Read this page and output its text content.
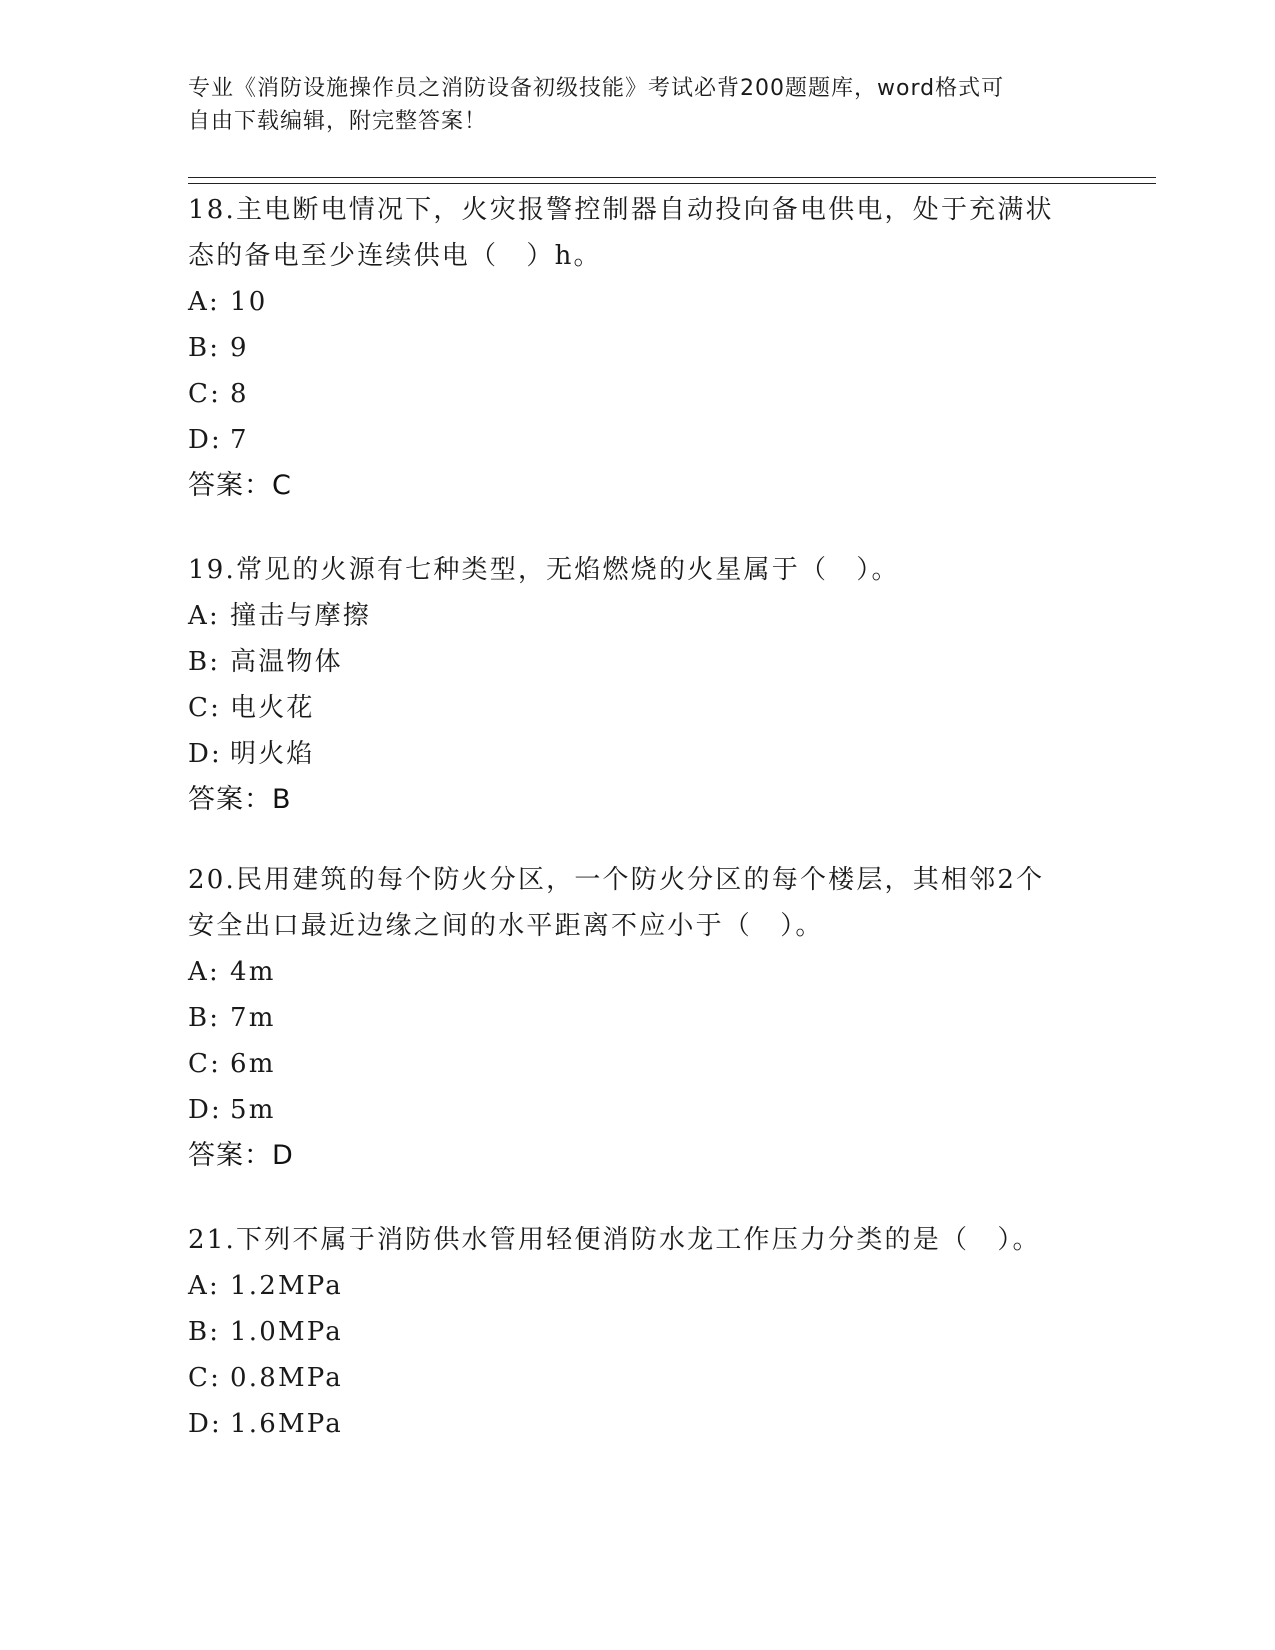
专业《消防设施操作员之消防设备初级技能》考试必背200题题库，word格式可
自由下载编辑，附完整答案！
18.主电断电情况下，火灾报警控制器自动投向备电供电，处于充满状
态的备电至少连续供电（　）h。
A: 10
B: 9
C: 8
D: 7
答案：C
19.常见的火源有七种类型，无焰燃烧的火星属于（　）。
A: 撞击与摩擦
B: 高温物体
C: 电火花
D: 明火焰
答案：B
20.民用建筑的每个防火分区，一个防火分区的每个楼层，其相邻2个
安全出口最近边缘之间的水平距离不应小于（　）。
A: 4m
B: 7m
C: 6m
D: 5m
答案：D
21.下列不属于消防供水管用轻便消防水龙工作压力分类的是（　）。
A: 1.2MPa
B: 1.0MPa
C: 0.8MPa
D: 1.6MPa
